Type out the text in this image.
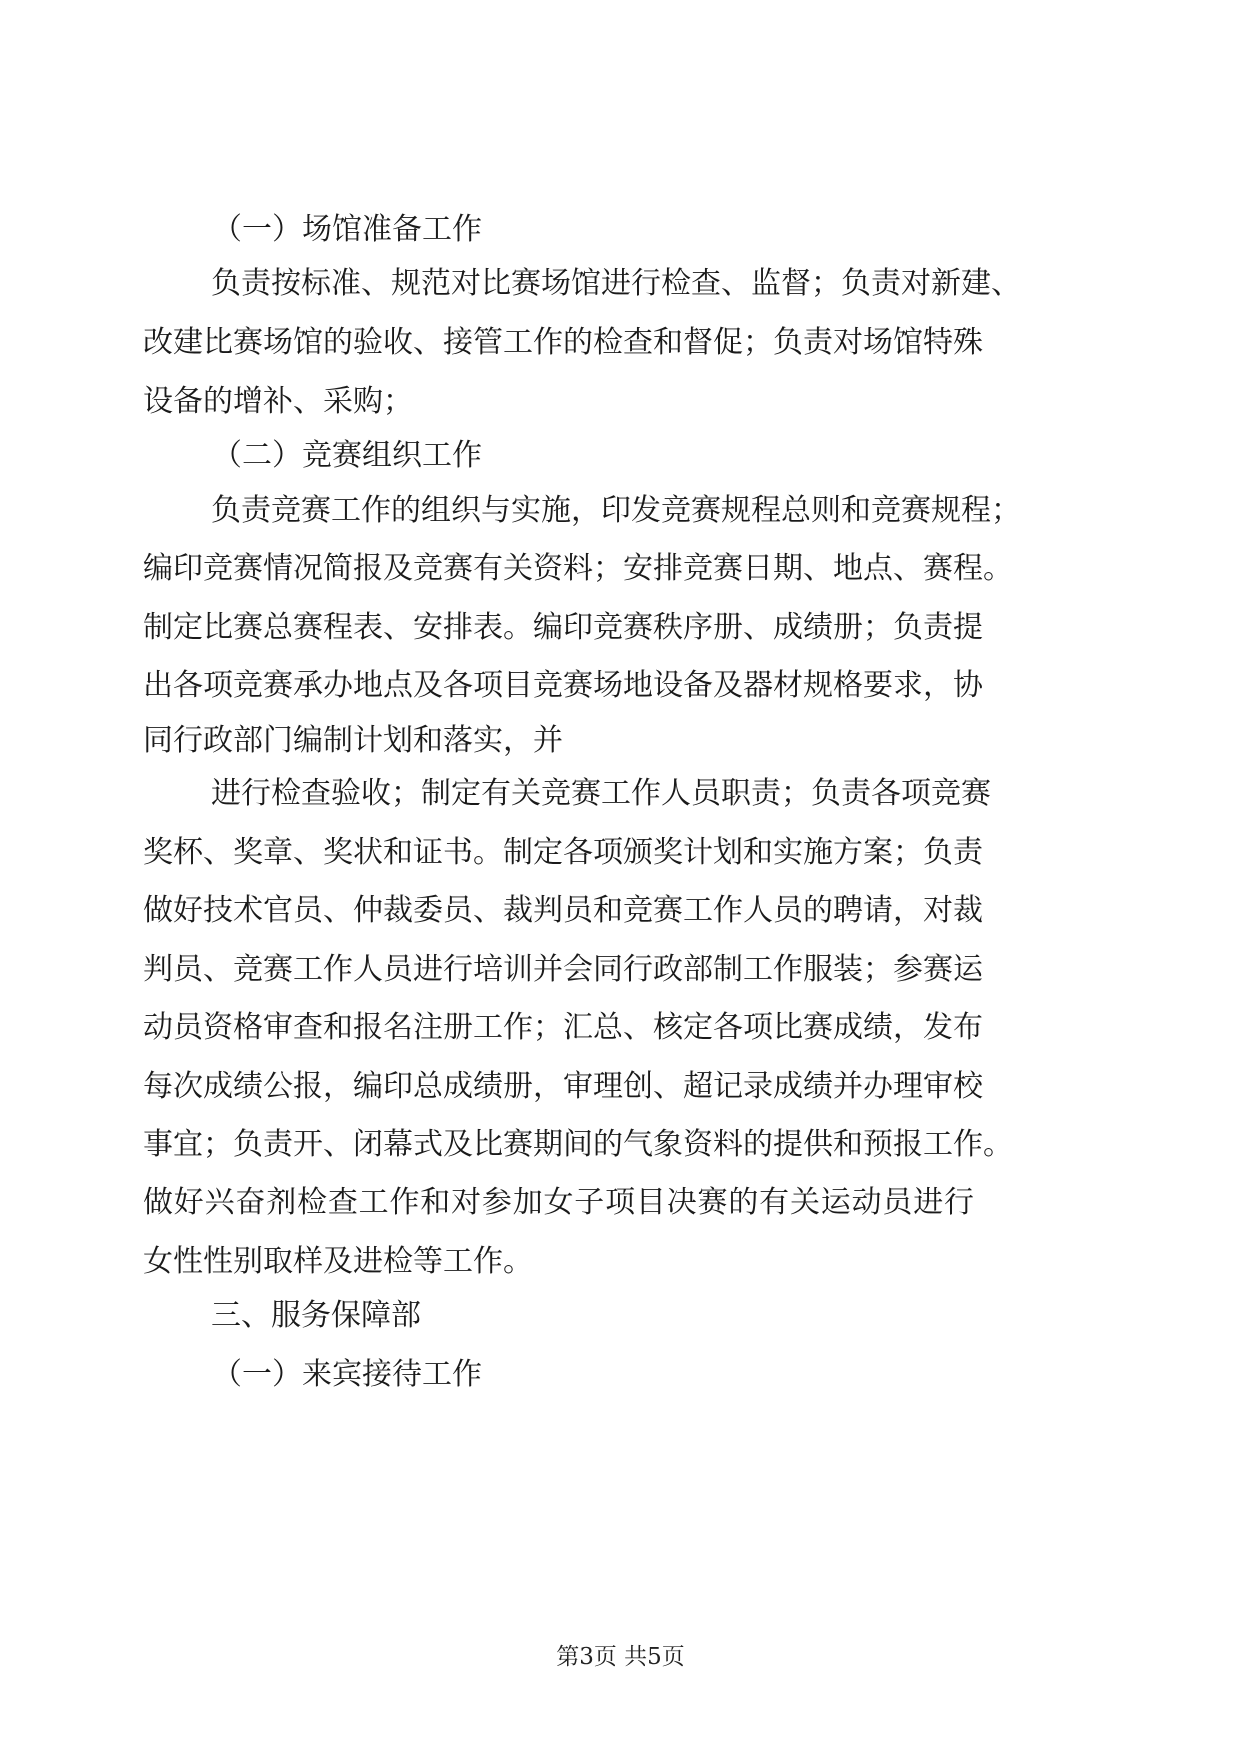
（一）场馆准备工作
负责按标准、规范对比赛场馆进行检查、监督；负责对新建、
改建比赛场馆的验收、接管工作的检查和督促；负责对场馆特殊
设备的增补、采购；
（二）竞赛组织工作
负责竞赛工作的组织与实施，印发竞赛规程总则和竞赛规程；
编印竞赛情况简报及竞赛有关资料；安排竞赛日期、地点、赛程。
制定比赛总赛程表、安排表。编印竞赛秩序册、成绩册；负责提
出各项竞赛承办地点及各项目竞赛场地设备及器材规格要求，协
同行政部门编制计划和落实，并
进行检查验收；制定有关竞赛工作人员职责；负责各项竞赛
奖杯、奖章、奖状和证书。制定各项颁奖计划和实施方案；负责
做好技术官员、仲裁委员、裁判员和竞赛工作人员的聘请，对裁
判员、竞赛工作人员进行培训并会同行政部制工作服装；参赛运
动员资格审查和报名注册工作；汇总、核定各项比赛成绩，发布
每次成绩公报，编印总成绩册，审理创、超记录成绩并办理审校
事宜；负责开、闭幕式及比赛期间的气象资料的提供和预报工作。
做好兴奋剂检查工作和对参加女子项目决赛的有关运动员进行
女性性别取样及进检等工作。
三、服务保障部
（一）来宾接待工作
第3页 共5页
